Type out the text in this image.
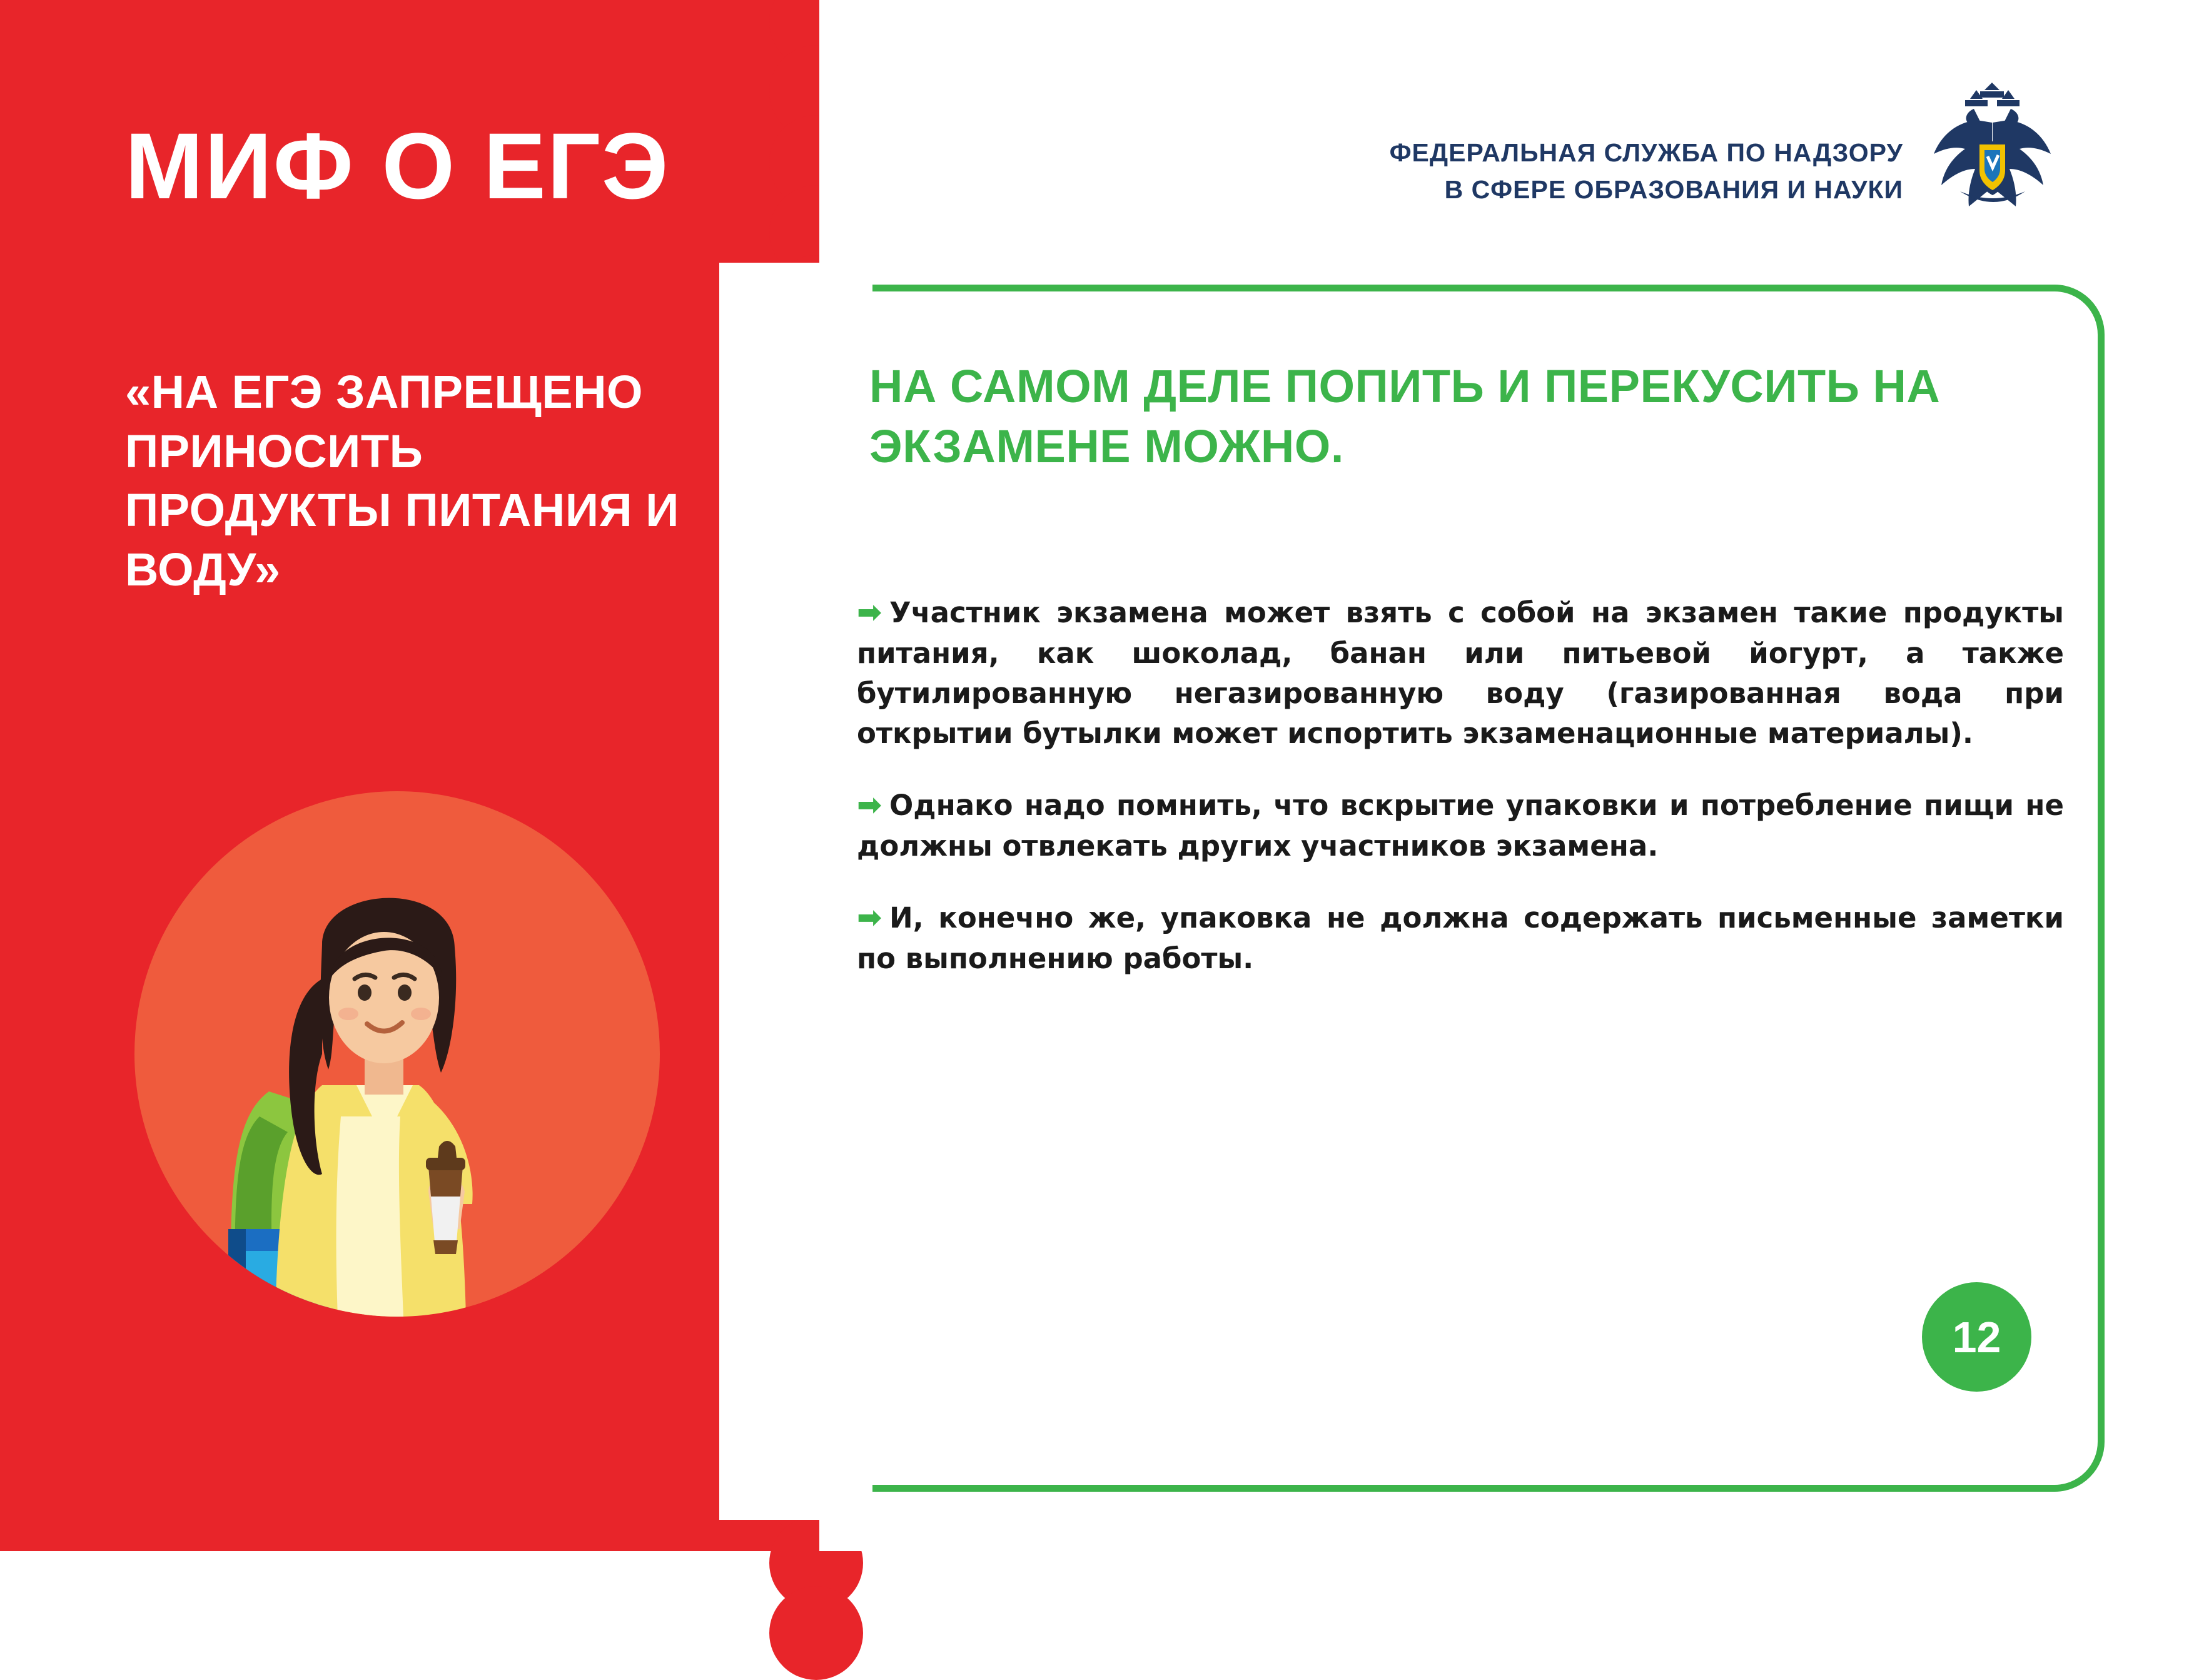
МИФ О ЕГЭ
«НА ЕГЭ ЗАПРЕЩЕНО ПРИНОСИТЬ ПРОДУКТЫ ПИТАНИЯ И ВОДУ»
ФЕДЕРАЛЬНАЯ СЛУЖБА ПО НАДЗОРУ
В СФЕРЕ ОБРАЗОВАНИЯ И НАУКИ
НА САМОМ ДЕЛЕ ПОПИТЬ И ПЕРЕКУСИТЬ НА ЭКЗАМЕНЕ МОЖНО.

➡ Участник экзамена может взять с собой на экзамен такие продукты питания, как шоколад, банан или питьевой йогурт, а также бутилированную негазированную воду (газированная вода при открытии бутылки может испортить экзаменационные материалы).

➡ Однако надо помнить, что вскрытие упаковки и потребление пищи не должны отвлекать других участников экзамена.

➡ И, конечно же, упаковка не должна содержать письменные заметки по выполнению работы.

12
